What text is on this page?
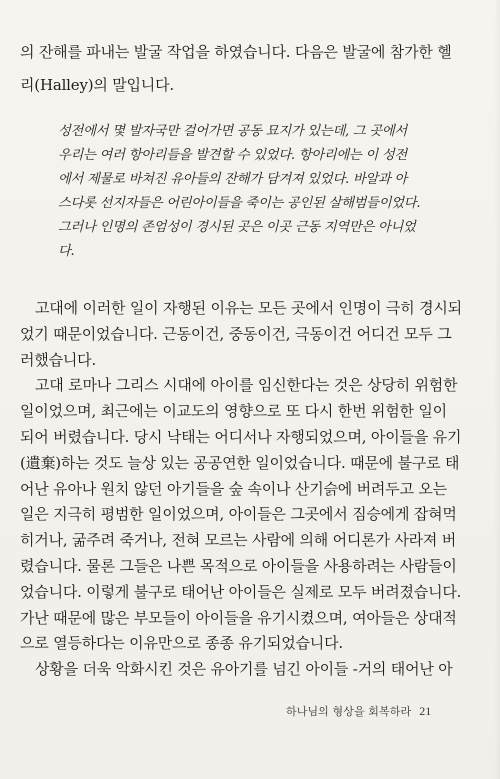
의 잔해를 파내는 발굴 작업을 하였습니다. 다음은 발굴에 참가한 헬
리(Halley)의 말입니다.

성전에서 몇 발자국만 걸어가면 공동 묘지가 있는데, 그 곳에서
우리는 여러 항아리들을 발견할 수 있었다. 항아리에는 이 성전
에서 제물로 바쳐진 유아들의 잔해가 담겨져 있었다. 바알과 아
스다롯 선지자들은 어린아이들을 죽이는 공인된 살해범들이었다.
그러나 인명의 존엄성이 경시된 곳은 이곳 근동 지역만은 아니었
다.
고대에 이러한 일이 자행된 이유는 모든 곳에서 인명이 극히 경시되
었기 때문이었습니다. 근동이건, 중동이건, 극동이건 어디건 모두 그
러했습니다.
고대 로마나 그리스 시대에 아이를 임신한다는 것은 상당히 위험한
일이었으며, 최근에는 이교도의 영향으로 또 다시 한번 위험한 일이
되어 버렸습니다. 당시 낙태는 어디서나 자행되었으며, 아이들을 유기
(遺棄)하는 것도 늘상 있는 공공연한 일이었습니다. 때문에 불구로 태
어난 유아나 원치 않던 아기들을 숲 속이나 산기슭에 버려두고 오는
일은 지극히 평범한 일이었으며, 아이들은 그곳에서 짐승에게 잡혀먹
히거나, 굶주려 죽거나, 전혀 모르는 사람에 의해 어디론가 사라져 버
렸습니다. 물론 그들은 나쁜 목적으로 아이들을 사용하려는 사람들이
었습니다. 이렇게 불구로 태어난 아이들은 실제로 모두 버려졌습니다.
가난 때문에 많은 부모들이 아이들을 유기시켰으며, 여아들은 상대적
으로 열등하다는 이유만으로 종종 유기되었습니다.
상황을 더욱 악화시킨 것은 유아기를 넘긴 아이들 -거의 태어난 아
하나님의 형상을 회복하라 21
